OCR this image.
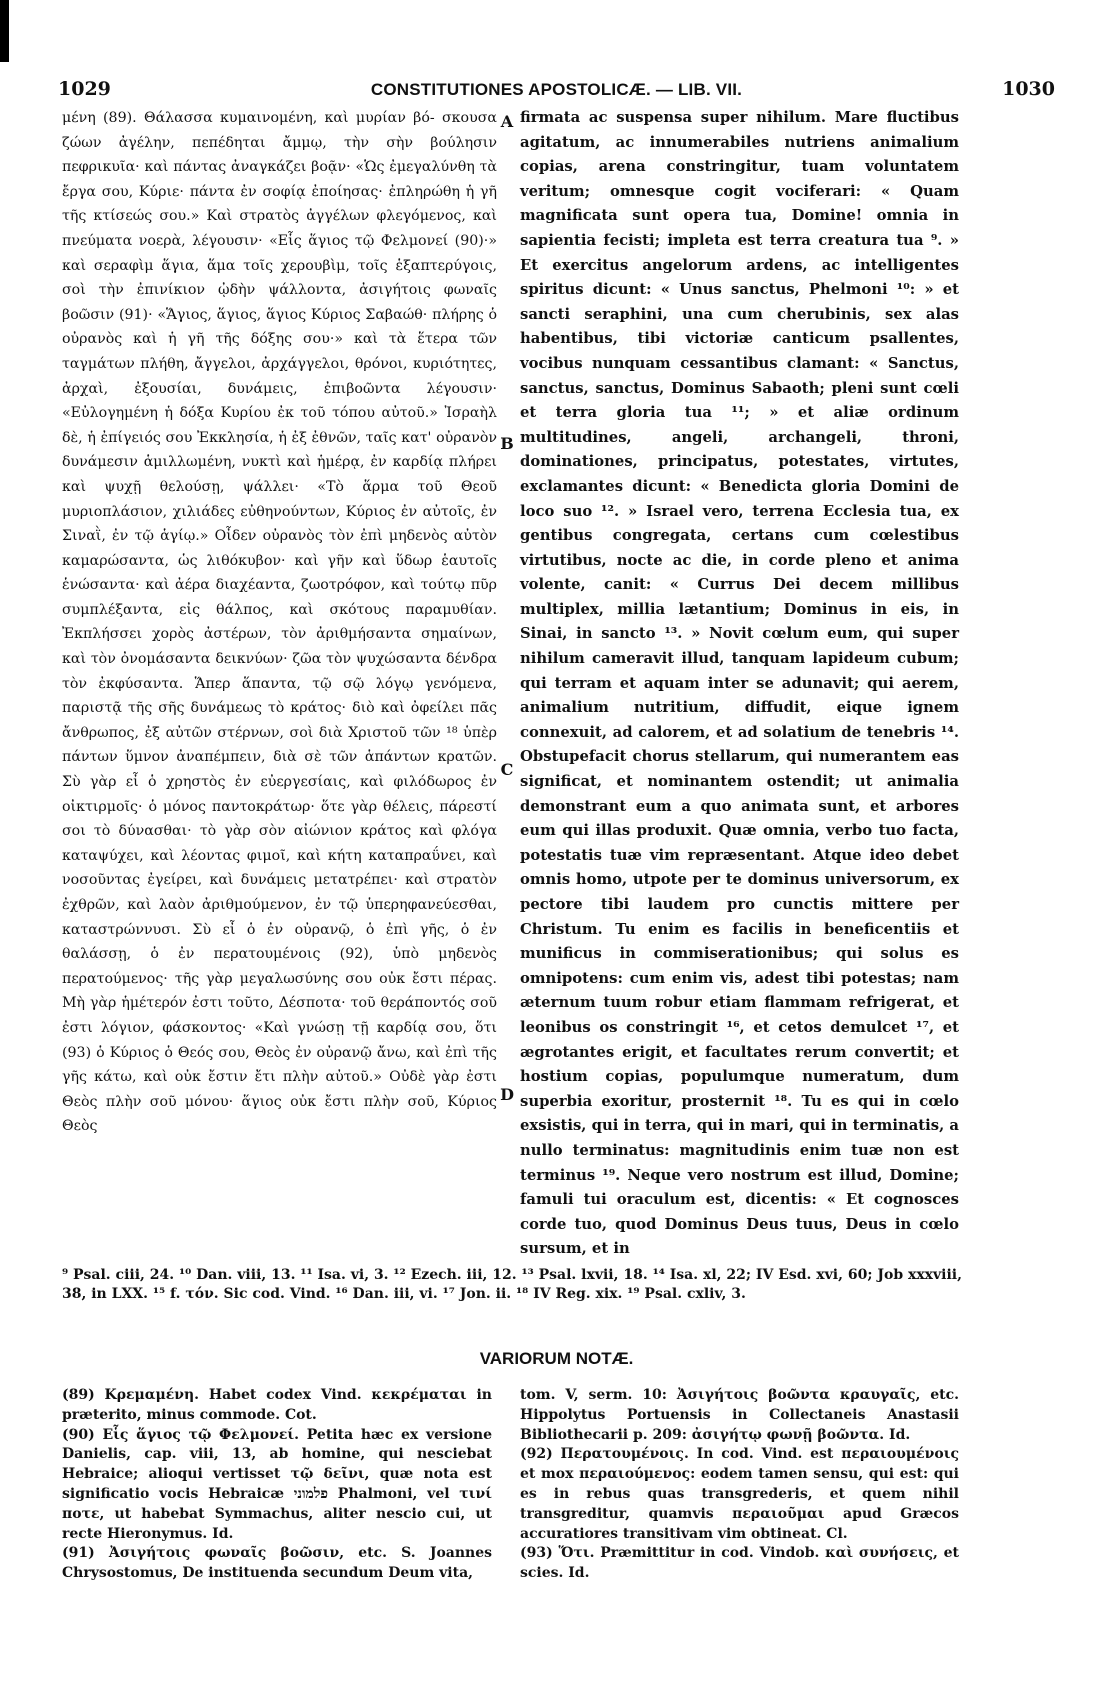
1029	CONSTITUTIONES APOSTOLICÆ. — LIB. VII.	1030
μένη (89). Θάλασσα κυμαινομένη, καὶ μυρίαν βό- σκουσα ζώων ἀγέλην, πεπέδηται ἄμμῳ, τὴν σὴν βούλησιν πεφρικυῖα· καὶ πάντας ἀναγκάζει βοᾷν· «Ὡς ἐμεγαλύνθη τὰ ἔργα σου, Κύριε· πάντα ἐν σοφίᾳ ἐποίησας· ἐπληρώθη ἡ γῆ τῆς κτίσεώς σου.» Καὶ στρατὸς ἀγγέλων φλεγόμενος, καὶ πνεύματα νοερὰ, λέγουσιν· «Εἷς ἅγιος τῷ Φελμονεί (90)·» καὶ σεραφὶμ ἅγια, ἅμα τοῖς χερουβὶμ, τοῖς ἑξαπτερύγοις, σοὶ τὴν ἐπινίκιον ᾠδὴν ψάλλοντα, ἀσιγήτοις φωναῖς βοῶσιν (91)· «Ἅγιος, ἅγιος, ἅγιος Κύριος Σαβαώθ· πλήρης ὁ οὐρανὸς καὶ ἡ γῆ τῆς δόξης σου·» καὶ τὰ ἕτερα τῶν ταγμάτων πλήθη, ἄγγελοι, ἀρχάγγελοι, θρόνοι, κυριότητες, ἀρχαὶ, ἐξουσίαι, δυνάμεις, ἐπιβοῶντα λέγουσιν· «Εὐλογημένη ἡ δόξα Κυρίου ἐκ τοῦ τόπου αὐτοῦ.» Ἰσραὴλ δὲ, ἡ ἐπίγειός σου Ἐκκλησία, ἡ ἐξ ἐθνῶν, ταῖς κατ' οὐρανὸν δυνάμεσιν ἁμιλλωμένη, νυκτὶ καὶ ἡμέρᾳ, ἐν καρδίᾳ πλήρει καὶ ψυχῇ θελούσῃ, ψάλλει· «Τὸ ἅρμα τοῦ Θεοῦ μυριοπλάσιον, χιλιάδες εὐθηνούντων, Κύριος ἐν αὐτοῖς, ἐν Σιναῒ, ἐν τῷ ἁγίῳ.» Οἶδεν οὐρανὸς τὸν ἐπὶ μηδενὸς αὐτὸν καμαρώσαντα, ὡς λιθόκυβον· καὶ γῆν καὶ ὕδωρ ἑαυτοῖς ἑνώσαντα· καὶ ἀέρα διαχέαντα, ζωοτρόφον, καὶ τούτῳ πῦρ συμπλέξαντα, εἰς θάλπος, καὶ σκότους παραμυθίαν. Ἐκπλήσσει χορὸς ἀστέρων, τὸν ἀριθμήσαντα σημαίνων, καὶ τὸν ὀνομάσαντα δεικνύων· ζῶα τὸν ψυχώσαντα δένδρα τὸν ἐκφύσαντα. Ἅπερ ἅπαντα, τῷ σῷ λόγῳ γενόμενα, παριστᾷ τῆς σῆς δυνάμεως τὸ κράτος· διὸ καὶ ὀφείλει πᾶς ἄνθρωπος, ἐξ αὐτῶν στέρνων, σοὶ διὰ Χριστοῦ τῶν ¹⁸ ὑπὲρ πάντων ὕμνον ἀναπέμπειν, διὰ σὲ τῶν ἁπάντων κρατῶν. Σὺ γὰρ εἶ ὁ χρηστὸς ἐν εὐεργεσίαις, καὶ φιλόδωρος ἐν οἰκτιρμοῖς· ὁ μόνος παντοκράτωρ· ὅτε γὰρ θέλεις, πάρεστί σοι τὸ δύνασθαι· τὸ γὰρ σὸν αἰώνιον κράτος καὶ φλόγα καταψύχει, καὶ λέοντας φιμοῖ, καὶ κήτη καταπραΰνει, καὶ νοσοῦντας ἐγείρει, καὶ δυνάμεις μετατρέπει· καὶ στρατὸν ἐχθρῶν, καὶ λαὸν ἀριθμούμενον, ἐν τῷ ὑπερηφανεύεσθαι, καταστρώννυσι. Σὺ εἶ ὁ ἐν οὐρανῷ, ὁ ἐπὶ γῆς, ὁ ἐν θαλάσσῃ, ὁ ἐν περατουμένοις (92), ὑπὸ μηδενὸς περατούμενος· τῆς γὰρ μεγαλωσύνης σου οὐκ ἔστι πέρας. Μὴ γὰρ ἡμέτερόν ἐστι τοῦτο, Δέσποτα· τοῦ θεράποντός σοῦ ἐστι λόγιον, φάσκοντος· «Καὶ γνώσῃ τῇ καρδίᾳ σου, ὅτι (93) ὁ Κύριος ὁ Θεός σου, Θεὸς ἐν οὐρανῷ ἄνω, καὶ ἐπὶ τῆς γῆς κάτω, καὶ οὐκ ἔστιν ἔτι πλὴν αὐτοῦ.» Οὐδὲ γὰρ ἐστι Θεὸς πλὴν σοῦ μόνου· ἅγιος οὐκ ἔστι πλὴν σοῦ, Κύριος Θεὸς
A
B
C
D
firmata ac suspensa super nihilum. Mare fluctibus agitatum, ac innumerabiles nutriens animalium copias, arena constringitur, tuam voluntatem veritum; omnesque cogit vociferari: « Quam magnificata sunt opera tua, Domine! omnia in sapientia fecisti; impleta est terra creatura tua ⁹. » Et exercitus angelorum ardens, ac intelligentes spiritus dicunt: « Unus sanctus, Phelmoni ¹⁰: » et sancti seraphini, una cum cherubinis, sex alas habentibus, tibi victoriæ canticum psallentes, vocibus nunquam cessantibus clamant: « Sanctus, sanctus, sanctus, Dominus Sabaoth; pleni sunt cœli et terra gloria tua ¹¹; » et aliæ ordinum multitudines, angeli, archangeli, throni, dominationes, principatus, potestates, virtutes, exclamantes dicunt: « Benedicta gloria Domini de loco suo ¹². » Israel vero, terrena Ecclesia tua, ex gentibus congregata, certans cum cœlestibus virtutibus, nocte ac die, in corde pleno et anima volente, canit: « Currus Dei decem millibus multiplex, millia lætantium; Dominus in eis, in Sinai, in sancto ¹³. » Novit cœlum eum, qui super nihilum cameravit illud, tanquam lapideum cubum; qui terram et aquam inter se adunavit; qui aerem, animalium nutritium, diffudit, eique ignem connexuit, ad calorem, et ad solatium de tenebris ¹⁴. Obstupefacit chorus stellarum, qui numerantem eas significat, et nominantem ostendit; ut animalia demonstrant eum a quo animata sunt, et arbores eum qui illas produxit. Quæ omnia, verbo tuo facta, potestatis tuæ vim repræsentant. Atque ideo debet omnis homo, utpote per te dominus universorum, ex pectore tibi laudem pro cunctis mittere per Christum. Tu enim es facilis in beneficentiis et munificus in commiserationibus; qui solus es omnipotens: cum enim vis, adest tibi potestas; nam æternum tuum robur etiam flammam refrigerat, et leonibus os constringit ¹⁶, et cetos demulcet ¹⁷, et ægrotantes erigit, et facultates rerum convertit; et hostium copias, populumque numeratum, dum superbia exoritur, prosternit ¹⁸. Tu es qui in cœlo exsistis, qui in terra, qui in mari, qui in terminatis, a nullo terminatus: magnitudinis enim tuæ non est terminus ¹⁹. Neque vero nostrum est illud, Domine; famuli tui oraculum est, dicentis: « Et cognosces corde tuo, quod Dominus Deus tuus, Deus in cœlo sursum, et in
⁹ Psal. ciii, 24. ¹⁰ Dan. viii, 13. ¹¹ Isa. vi, 3. ¹² Ezech. iii, 12. ¹³ Psal. lxvii, 18. ¹⁴ Isa. xl, 22; IV Esd. xvi, 60; Job xxxviii, 38, in LXX. ¹⁵ f. τόν. Sic cod. Vind. ¹⁶ Dan. iii, vi. ¹⁷ Jon. ii. ¹⁸ IV Reg. xix. ¹⁹ Psal. cxliv, 3.
VARIORUM NOTÆ.

(89) Κρεμαμένη. Habet codex Vind. κεκρέμαται in præterito, minus commode. Cot.

(90) Εἷς ἅγιος τῷ Φελμονεί. Petita hæc ex versione Danielis, cap. viii, 13, ab homine, qui nesciebat Hebraice; alioqui vertisset τῷ δεῖνι, quæ nota est significatio vocis Hebraicæ פלמוני Phalmoni, vel τινί ποτε, ut habebat Symmachus, aliter nescio cui, ut recte Hieronymus. Id.

(91) Ἀσιγήτοις φωναῖς βοῶσιν, etc. S. Joannes Chrysostomus, De instituenda secundum Deum vita,

tom. V, serm. 10: Ἀσιγήτοις βοῶντα κραυγαῖς, etc. Hippolytus Portuensis in Collectaneis Anastasii Bibliothecarii p. 209: ἀσιγήτῳ φωνῇ βοῶντα. Id.

(92) Περατουμένοις. In cod. Vind. est περαιουμένοις et mox περαιούμενος: eodem tamen sensu, qui est: qui es in rebus quas transgrederis, et quem nihil transgreditur, quamvis περαιοῦμαι apud Græcos accuratiores transitivam vim obtineat. Cl.

(93) Ὅτι. Præmittitur in cod. Vindob. καὶ συνήσεις, et scies. Id.
